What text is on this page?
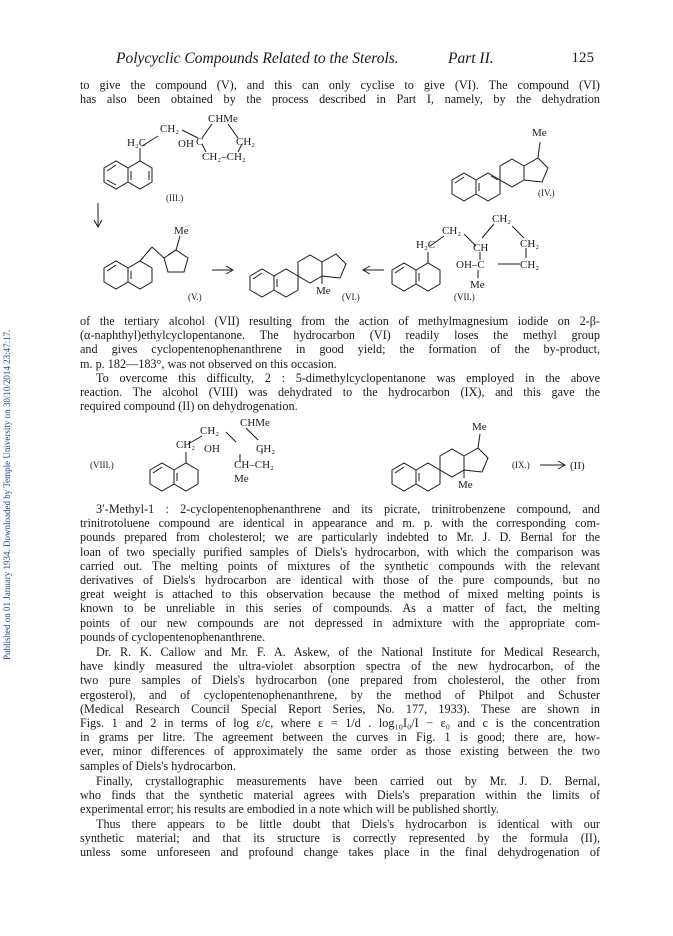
Published on 01 January 1934. Downloaded by Temple University on 30/10/2014 23:47:17.
Polycyclic Compounds Related to the Sterols.	Part II.	125
to give the compound (V), and this can only cyclise to give (VI). The compound (VI)
has also been obtained by the process described in Part I, namely, by the dehydration
H₂C
CH₂
CHMe
OH C	CH₂
CH₂–CH₂
(III.)
Me
(IV.)
Me
(V.)	Me (VI.)
H₂C
CH₂
CH₂
CH	CH₂
OH–C	CH₂
Me
(VII.)
of the tertiary alcohol (VII) resulting from the action of methylmagnesium iodide on 2-β-
(α-naphthyl)ethylcyclopentanone. The hydrocarbon (VI) readily loses the methyl group
and gives cyclopentenophenanthrene in good yield; the formation of the by-product,
m. p. 182—183°, was not observed on this occasion.
To overcome this difficulty, 2 : 5-dimethylcyclopentanone was employed in the above
reaction. The alcohol (VIII) was dehydrated to the hydrocarbon (IX), and this gave the
required compound (II) on dehydrogenation.
(VIII.)
CH₂
CH₂
CHMe
OH	CH₂
CH–CH₂
Me
Me
Me
(IX.)	(II)
3′-Methyl-1 : 2-cyclopentenophenanthrene and its picrate, trinitrobenzene compound, and
trinitrotoluene compound are identical in appearance and m. p. with the corresponding com-
pounds prepared from cholesterol; we are particularly indebted to Mr. J. D. Bernal for the
loan of two specially purified samples of Diels's hydrocarbon, with which the comparison was
carried out. The melting points of mixtures of the synthetic compounds with the relevant
derivatives of Diels's hydrocarbon are identical with those of the pure compounds, but no
great weight is attached to this observation because the method of mixed melting points is
known to be unreliable in this series of compounds. As a matter of fact, the melting
points of our new compounds are not depressed in admixture with the appropriate com-
pounds of cyclopentenophenanthrene.
Dr. R. K. Callow and Mr. F. A. Askew, of the National Institute for Medical Research,
have kindly measured the ultra-violet absorption spectra of the new hydrocarbon, of the
two pure samples of Diels's hydrocarbon (one prepared from cholesterol, the other from
ergosterol), and of cyclopentenophenanthrene, by the method of Philpot and Schuster
(Medical Research Council Special Report Series, No. 177, 1933). These are shown in
Figs. 1 and 2 in terms of log ε/c, where ε = 1/d . log₁₀I₀/I − ε₀ and c is the concentration
in grams per litre. The agreement between the curves in Fig. 1 is good; there are, how-
ever, minor differences of approximately the same order as those existing between the two
samples of Diels's hydrocarbon.
Finally, crystallographic measurements have been carried out by Mr. J. D. Bernal,
who finds that the synthetic material agrees with Diels's preparation within the limits of
experimental error; his results are embodied in a note which will be published shortly.
Thus there appears to be little doubt that Diels's hydrocarbon is identical with our
synthetic material; and that its structure is correctly represented by the formula (II),
unless some unforeseen and profound change takes place in the final dehydrogenation of
